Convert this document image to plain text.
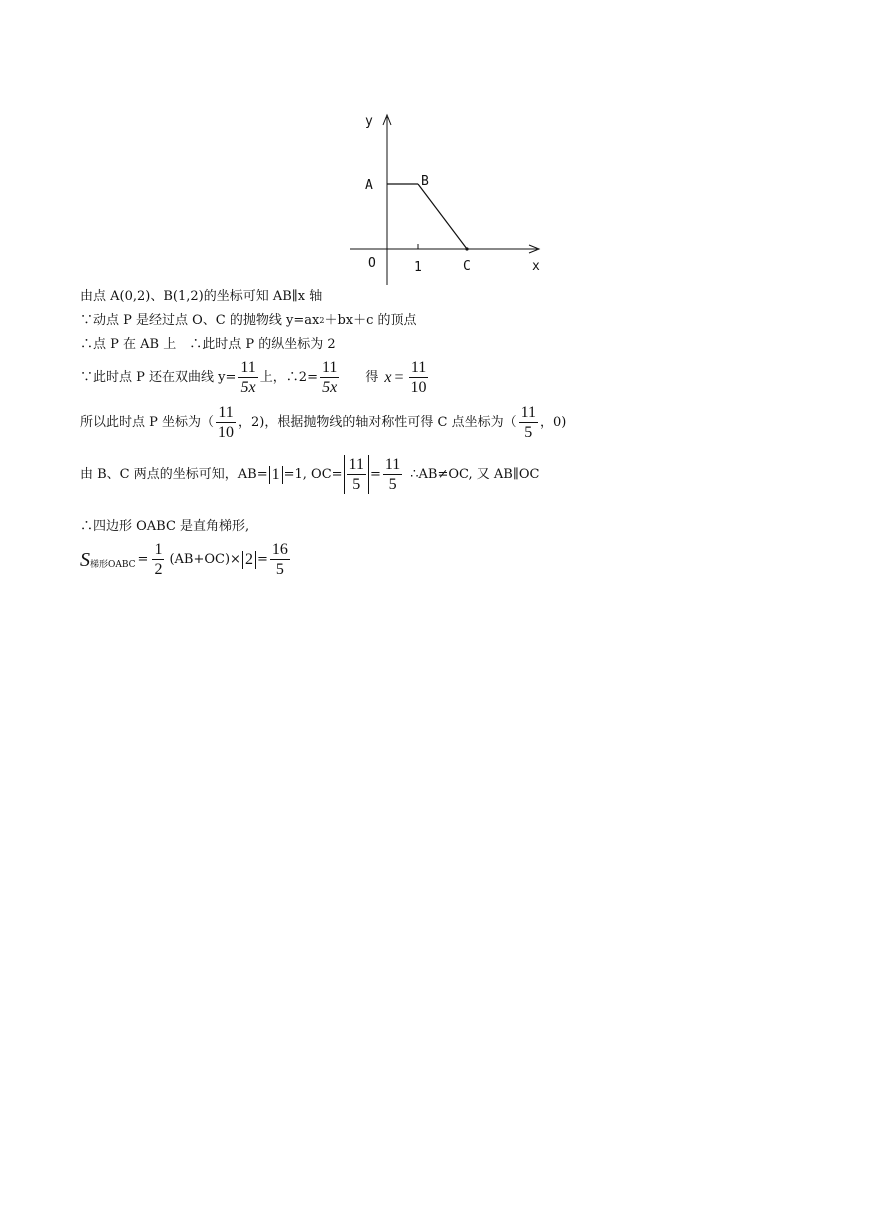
y
A	B
O	1	C	x
由点 A(0,2)、B(1,2)的坐标可知 AB∥x 轴
∵动点 P 是经过点 O、C 的抛物线 y=ax 2 ＋bx＋c 的顶点
∴点 P 在 AB 上　∴此时点 P 的纵坐标为 2
∵此时点 P 还在双曲线 $y= \frac{11}{5x}$ 上，∴2= $\frac{11}{5x}$ 得 $x = \frac{11}{10}$
所以此时点 P 坐标为（ $\frac{11}{10}$ ，2)，根据抛物线的轴对称性可得 C 点坐标为（ $\frac{11}{5}$ ，0)
由 B、C 两点的坐标可知，AB= 1 =1, $OC= \frac{11}{5} = \frac{11}{5}$ ∴AB≠OC, 又 AB∥OC
∴四边形 OABC 是直角梯形,
S 梯形OABC = $\frac{1}{2} (AB+OC)\times 2 = \frac{16}{5}$
